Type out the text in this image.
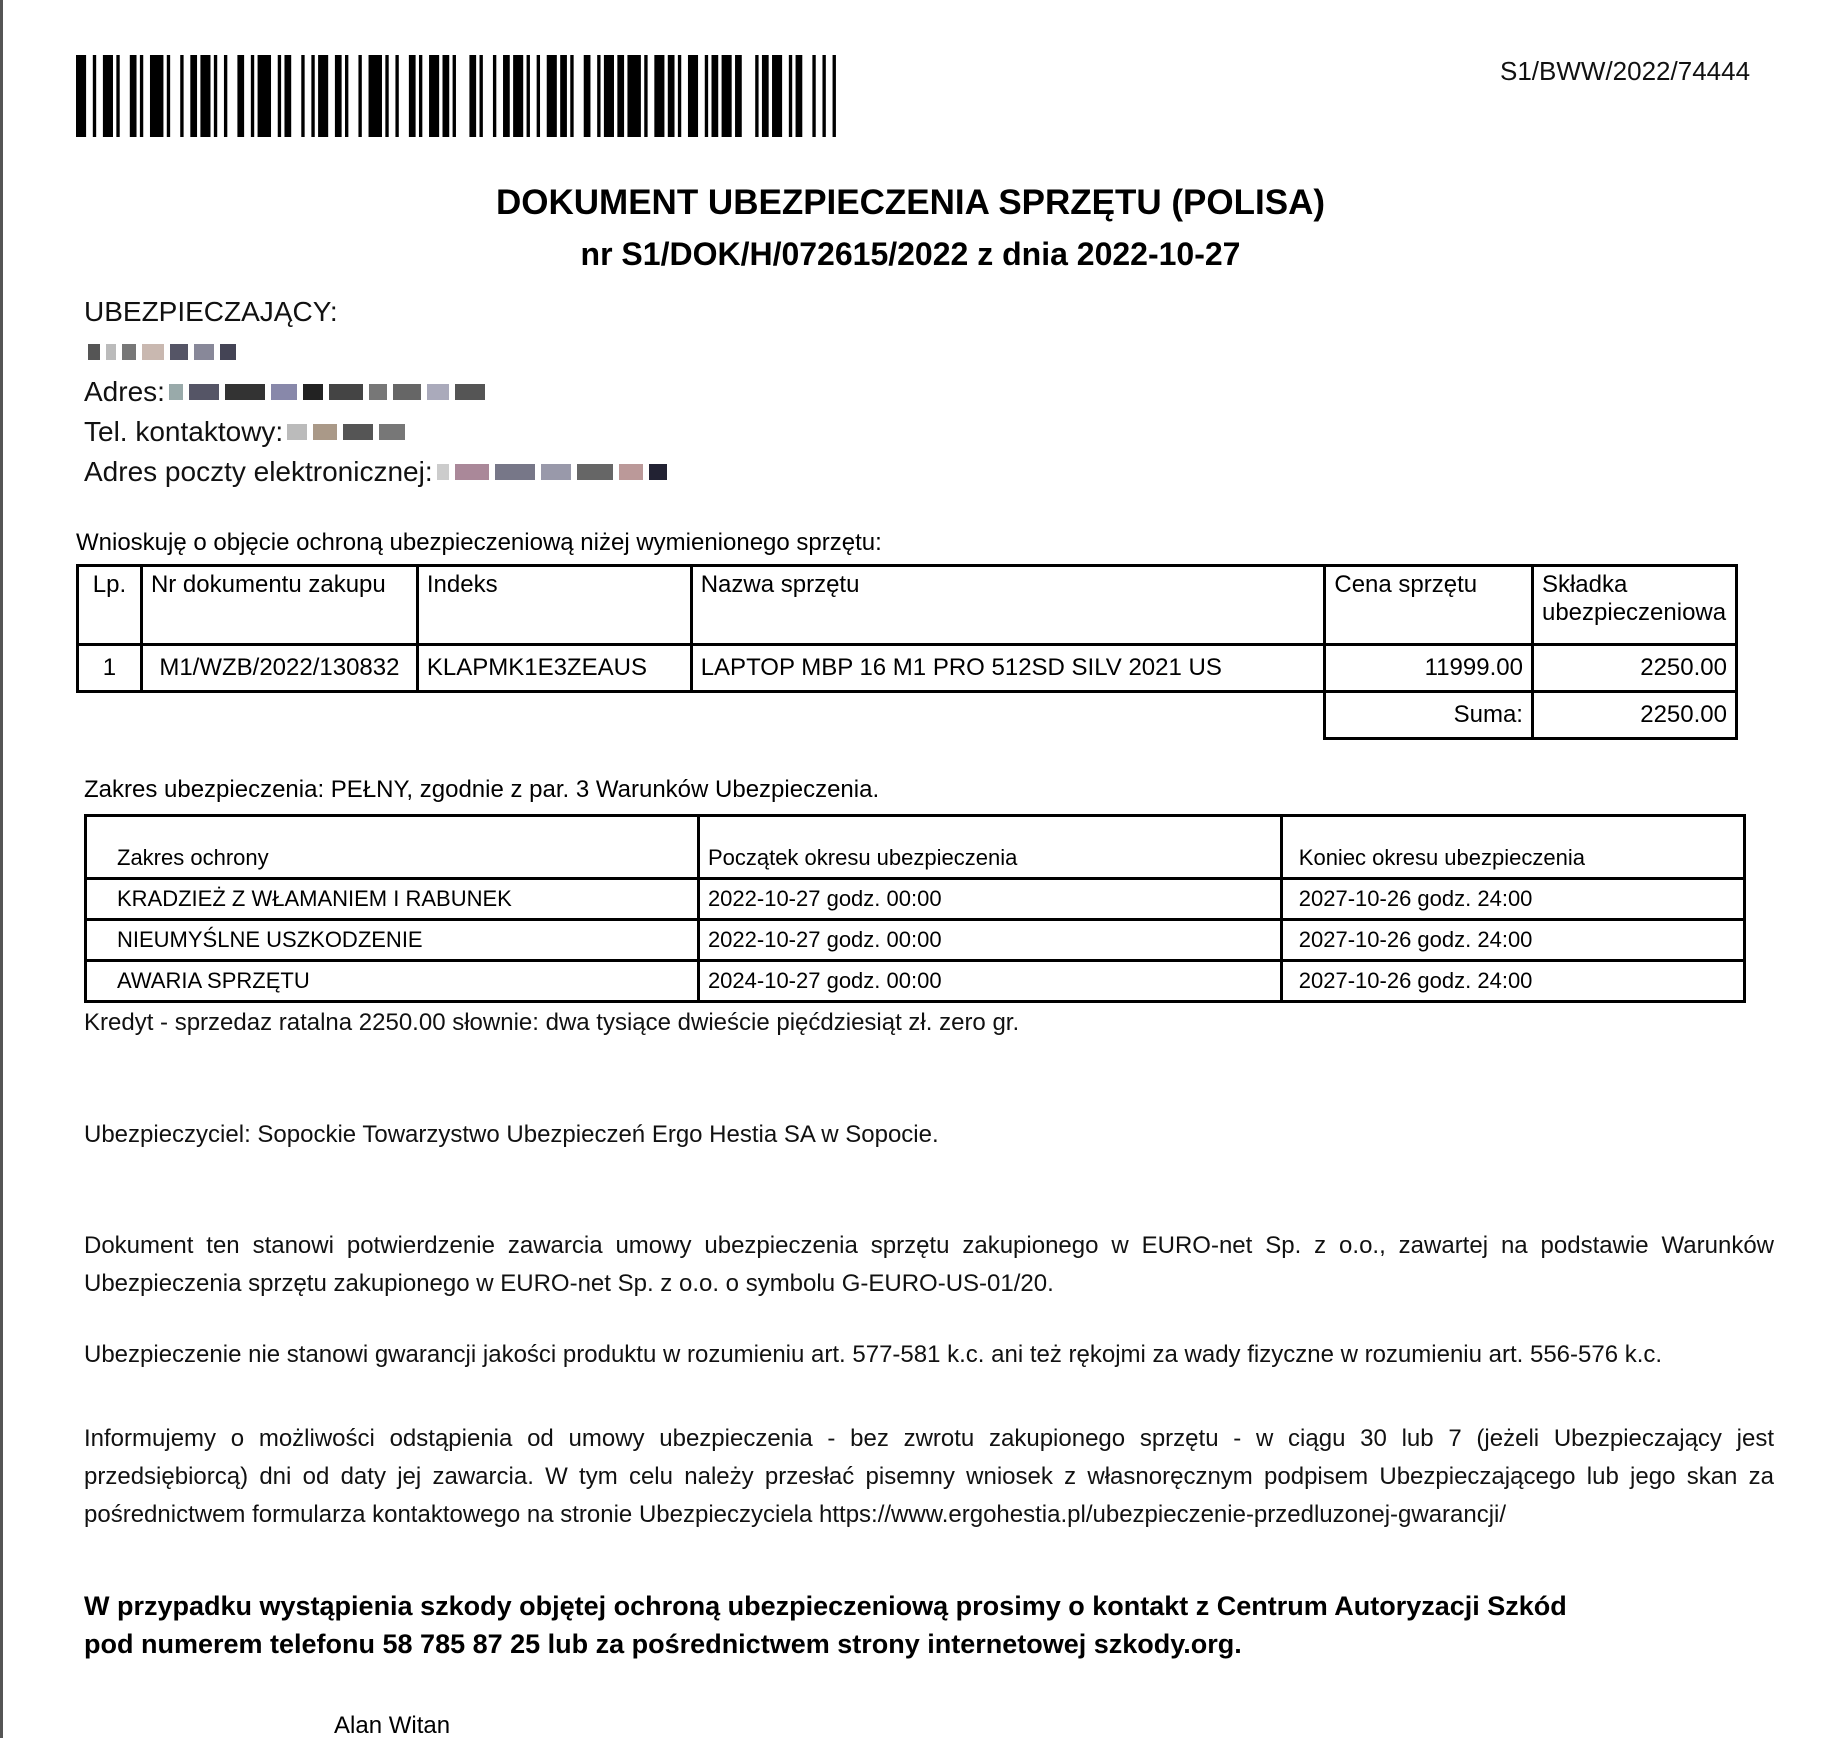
S1/BWW/2022/74444
DOKUMENT UBEZPIECZENIA SPRZĘTU (POLISA)
nr S1/DOK/H/072615/2022 z dnia 2022-10-27
UBEZPIECZAJĄCY:
Adres:
Tel. kontaktowy:
Adres poczty elektronicznej:
Wnioskuję o objęcie ochroną ubezpieczeniową niżej wymienionego sprzętu:
Lp.	Nr dokumentu zakupu	Indeks	Nazwa sprzętu	Cena sprzętu	Składka ubezpieczeniowa
1	M1/WZB/2022/130832	KLAPMK1E3ZEAUS	LAPTOP MBP 16 M1 PRO 512SD SILV 2021 US	11999.00	2250.00
				Suma:	2250.00
Zakres ubezpieczenia: PEŁNY, zgodnie z par. 3 Warunków Ubezpieczenia.
Zakres ochrony	Początek okresu ubezpieczenia	Koniec okresu ubezpieczenia
KRADZIEŻ Z WŁAMANIEM I RABUNEK	2022-10-27 godz. 00:00	2027-10-26 godz. 24:00
NIEUMYŚLNE USZKODZENIE	2022-10-27 godz. 00:00	2027-10-26 godz. 24:00
AWARIA SPRZĘTU	2024-10-27 godz. 00:00	2027-10-26 godz. 24:00
Kredyt - sprzedaz ratalna 2250.00 słownie: dwa tysiące dwieście pięćdziesiąt zł. zero gr.
Ubezpieczyciel: Sopockie Towarzystwo Ubezpieczeń Ergo Hestia SA w Sopocie.
Dokument ten stanowi potwierdzenie zawarcia umowy ubezpieczenia sprzętu zakupionego w EURO-net Sp. z o.o., zawartej na podstawie Warunków Ubezpieczenia sprzętu zakupionego w EURO-net Sp. z o.o. o symbolu G-EURO-US-01/20.
Ubezpieczenie nie stanowi gwarancji jakości produktu w rozumieniu art. 577-581 k.c. ani też rękojmi za wady fizyczne w rozumieniu art. 556-576 k.c.
Informujemy o możliwości odstąpienia od umowy ubezpieczenia - bez zwrotu zakupionego sprzętu - w ciągu 30 lub 7 (jeżeli Ubezpieczający jest przedsiębiorcą) dni od daty jej zawarcia. W tym celu należy przesłać pisemny wniosek z własnoręcznym podpisem Ubezpieczającego lub jego skan za pośrednictwem formularza kontaktowego na stronie Ubezpieczyciela https://www.ergohestia.pl/ubezpieczenie-przedluzonej-gwarancji/
W przypadku wystąpienia szkody objętej ochroną ubezpieczeniową prosimy o kontakt z Centrum Autoryzacji Szkód
pod numerem telefonu 58 785 87 25 lub za pośrednictwem strony internetowej szkody.org.
Alan Witan
